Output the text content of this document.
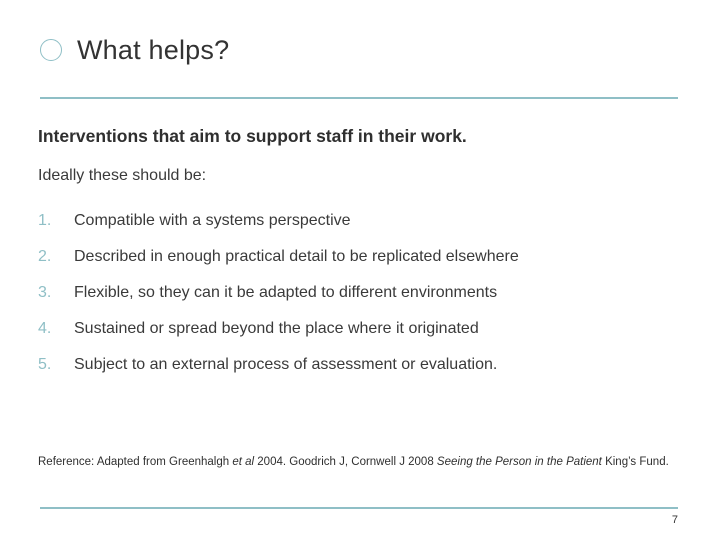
What helps?
Interventions that aim to support staff in their work.
Ideally these should be:
1.	Compatible with a systems perspective
2.	Described in enough practical detail to be replicated elsewhere
3.	Flexible, so they can it be adapted to different environments
4.	Sustained or spread beyond the place where it originated
5.	Subject to an external process of assessment or evaluation.
Reference: Adapted from Greenhalgh et al 2004. Goodrich J, Cornwell J 2008 Seeing the Person in the Patient King’s Fund.
7
